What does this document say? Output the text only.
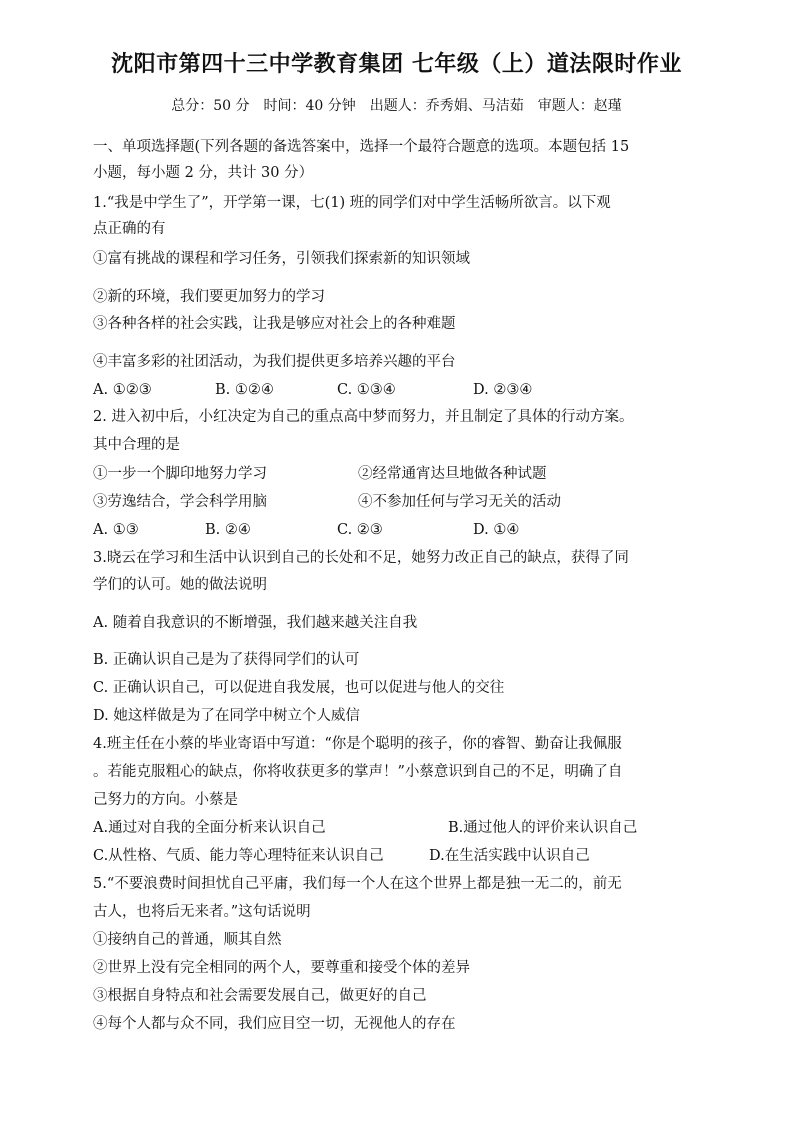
沈阳市第四十三中学教育集团 七年级（上）道法限时作业
总分：50 分　时间：40 分钟　出题人：乔秀娟、马洁茹　审题人：赵瑾
一、单项选择题(下列各题的备选答案中，选择一个最符合题意的选项。本题包括 15
小题，每小题 2 分，共计 30 分）
1.“我是中学生了”，开学第一课，七(1) 班的同学们对中学生活畅所欲言。以下观
点正确的有
①富有挑战的课程和学习任务，引领我们探索新的知识领域
②新的环境，我们要更加努力的学习
③各种各样的社会实践，让我是够应对社会上的各种难题
④丰富多彩的社团活动，为我们提供更多培养兴趣的平台
A. ①②③	B. ①②④	C. ①③④	D. ②③④
2. 进入初中后，小红决定为自己的重点高中梦而努力，并且制定了具体的行动方案。
其中合理的是
①一步一个脚印地努力学习	②经常通宵达旦地做各种试题
③劳逸结合，学会科学用脑	④不参加任何与学习无关的活动
A. ①③	B. ②④	C. ②③	D. ①④
3.晓云在学习和生活中认识到自己的长处和不足，她努力改正自己的缺点，获得了同
学们的认可。她的做法说明
A. 随着自我意识的不断增强，我们越来越关注自我
B. 正确认识自己是为了获得同学们的认可
C. 正确认识自己，可以促进自我发展，也可以促进与他人的交往
D. 她这样做是为了在同学中树立个人威信
4.班主任在小蔡的毕业寄语中写道：“你是个聪明的孩子，你的睿智、勤奋让我佩服
。若能克服粗心的缺点，你将收获更多的掌声！”小蔡意识到自己的不足，明确了自
己努力的方向。小蔡是
A.通过对自我的全面分析来认识自己	B.通过他人的评价来认识自己
C.从性格、气质、能力等心理特征来认识自己	D.在生活实践中认识自己
5.“不要浪费时间担忧自己平庸，我们每一个人在这个世界上都是独一无二的，前无
古人，也将后无来者。”这句话说明
①接纳自己的普通，顺其自然
②世界上没有完全相同的两个人，要尊重和接受个体的差异
③根据自身特点和社会需要发展自己，做更好的自己
④每个人都与众不同，我们应目空一切，无视他人的存在
